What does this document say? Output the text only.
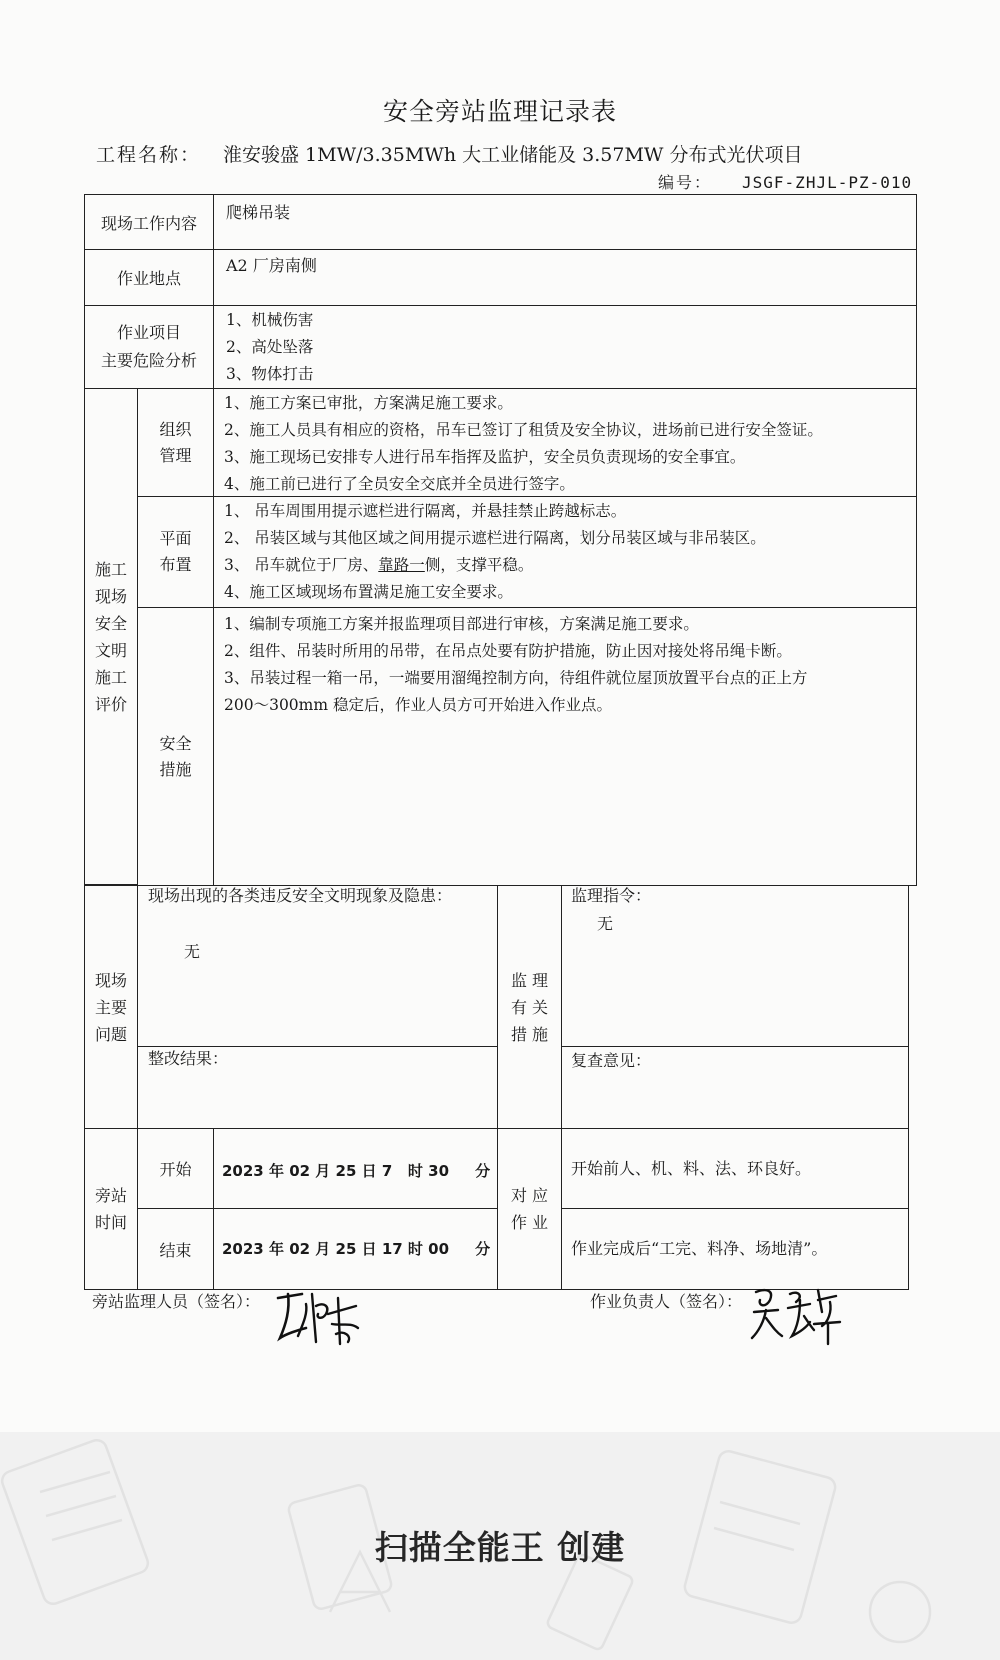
安全旁站监理记录表
工程名称： 淮安骏盛 1MW/3.35MWh 大工业储能及 3.57MW 分布式光伏项目
编号： JSGF-ZHJL-PZ-010
现场工作内容
爬梯吊装
作业地点
A2 厂房南侧
作业项目
主要危险分析
1、机械伤害
2、高处坠落
3、物体打击
施工
现场
安全
文明
施工
评价
组织
管理
1、施工方案已审批，方案满足施工要求。
2、施工人员具有相应的资格，吊车已签订了租赁及安全协议，进场前已进行安全签证。
3、施工现场已安排专人进行吊车指挥及监护，安全员负责现场的安全事宜。
4、施工前已进行了全员安全交底并全员进行签字。
平面
布置
1、 吊车周围用提示遮栏进行隔离，并悬挂禁止跨越标志。
2、 吊装区域与其他区域之间用提示遮栏进行隔离，划分吊装区域与非吊装区。
3、 吊车就位于厂房、靠路一侧，支撑平稳。
4、施工区域现场布置满足施工安全要求。
安全
措施
1、编制专项施工方案并报监理项目部进行审核，方案满足施工要求。
2、组件、吊装时所用的吊带，在吊点处要有防护措施，防止因对接处将吊绳卡断。
3、吊装过程一箱一吊，一端要用溜绳控制方向，待组件就位屋顶放置平台点的正上方
200～300mm 稳定后，作业人员方可开始进入作业点。
现场
主要
问题
现场出现的各类违反安全文明现象及隐患：
无
整改结果：
监 理
有 关
措 施
监理指令：
无
复查意见：
旁站
时间
开始 2023 年 02 月 25 日 7   时 30     分
结束 2023 年 02 月 25 日 17 时 00     分
对 应
作 业
开始前人、机、料、法、环良好。
作业完成后“工完、料净、场地清”。
旁站监理人员（签名）：	作业负责人（签名）：
扫描全能王 创建
